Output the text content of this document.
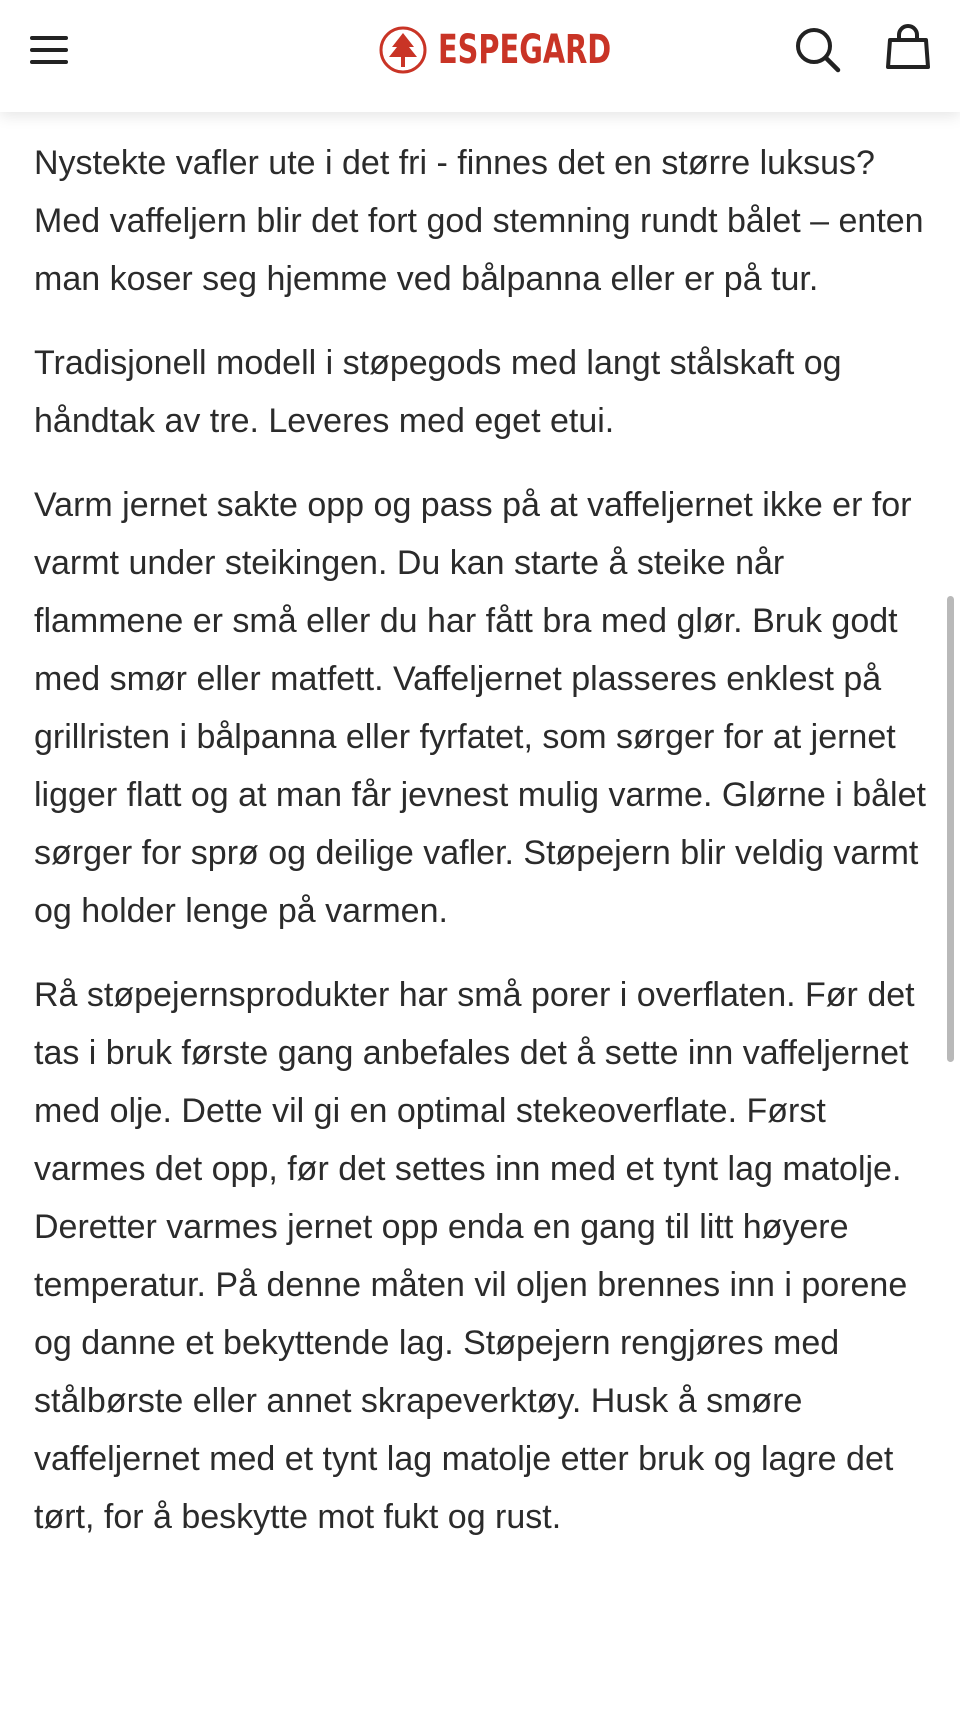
ESPEGARD

Nystekte vafler ute i det fri - finnes det en større luksus? Med vaffeljern blir det fort god stemning rundt bålet – enten man koser seg hjemme ved bålpanna eller er på tur.

Tradisjonell modell i støpegods med langt stålskaft og håndtak av tre. Leveres med eget etui.

Varm jernet sakte opp og pass på at vaffeljernet ikke er for varmt under steikingen. Du kan starte å steike når flammene er små eller du har fått bra med glør. Bruk godt med smør eller matfett. Vaffeljernet plasseres enklest på grillristen i bålpanna eller fyrfatet, som sørger for at jernet ligger flatt og at man får jevnest mulig varme. Glørne i bålet sørger for sprø og deilige vafler. Støpejern blir veldig varmt og holder lenge på varmen.

Rå støpejernsprodukter har små porer i overflaten. Før det tas i bruk første gang anbefales det å sette inn vaffeljernet med olje. Dette vil gi en optimal stekeoverflate. Først varmes det opp, før det settes inn med et tynt lag matolje. Deretter varmes jernet opp enda en gang til litt høyere temperatur. På denne måten vil oljen brennes inn i porene og danne et bekyttende lag. Støpejern rengjøres med stålbørste eller annet skrapeverktøy. Husk å smøre vaffeljernet med et tynt lag matolje etter bruk og lagre det tørt, for å beskytte mot fukt og rust.
